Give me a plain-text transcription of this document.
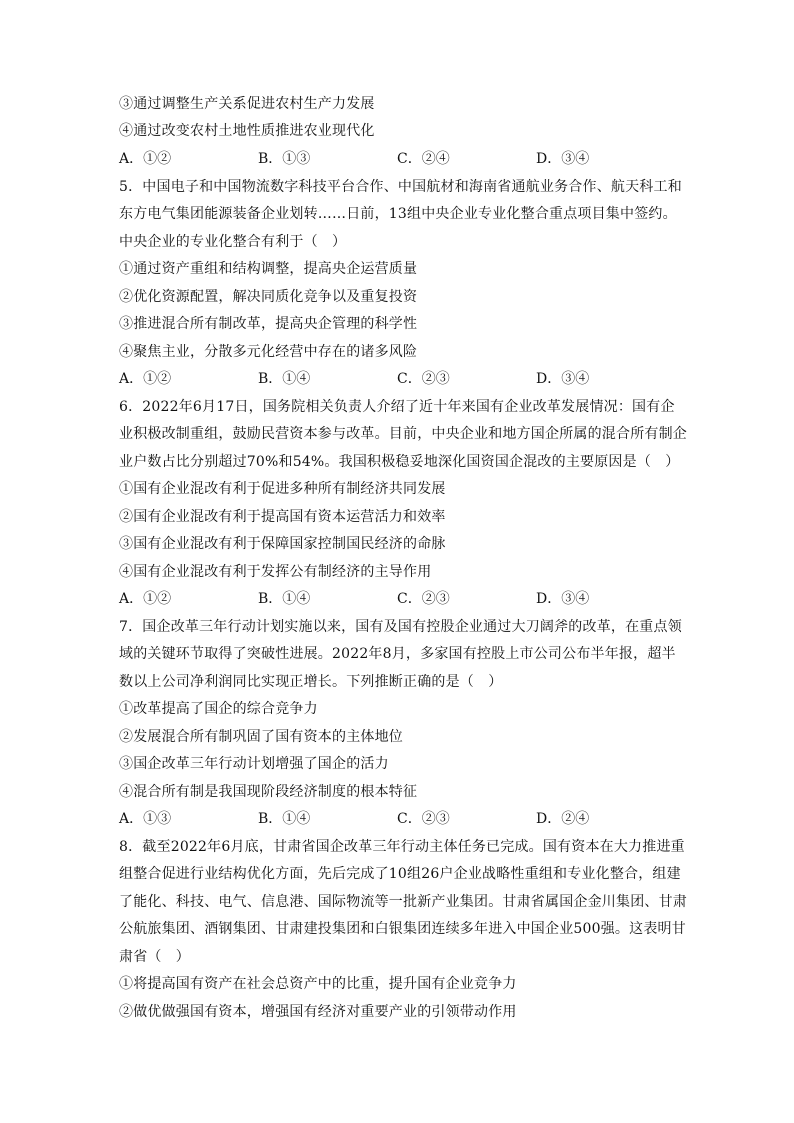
③通过调整生产关系促进农村生产力发展
④通过改变农村土地性质推进农业现代化
A．①②	B．①③	C．②④	D．③④
5．中国电子和中国物流数字科技平台合作、中国航材和海南省通航业务合作、航天科工和
东方电气集团能源装备企业划转……日前，13组中央企业专业化整合重点项目集中签约。
中央企业的专业化整合有利于（　）
①通过资产重组和结构调整，提高央企运营质量
②优化资源配置，解决同质化竞争以及重复投资
③推进混合所有制改革，提高央企管理的科学性
④聚焦主业，分散多元化经营中存在的诸多风险
A．①②	B．①④	C．②③	D．③④
6．2022年6月17日，国务院相关负责人介绍了近十年来国有企业改革发展情况：国有企
业积极改制重组，鼓励民营资本参与改革。目前，中央企业和地方国企所属的混合所有制企
业户数占比分别超过70%和54%。我国积极稳妥地深化国资国企混改的主要原因是（　）
①国有企业混改有利于促进多种所有制经济共同发展
②国有企业混改有利于提高国有资本运营活力和效率
③国有企业混改有利于保障国家控制国民经济的命脉
④国有企业混改有利于发挥公有制经济的主导作用
A．①②	B．①④	C．②③	D．③④
7．国企改革三年行动计划实施以来，国有及国有控股企业通过大刀阔斧的改革，在重点领
域的关键环节取得了突破性进展。2022年8月，多家国有控股上市公司公布半年报，超半
数以上公司净利润同比实现正增长。下列推断正确的是（　）
①改革提高了国企的综合竞争力
②发展混合所有制巩固了国有资本的主体地位
③国企改革三年行动计划增强了国企的活力
④混合所有制是我国现阶段经济制度的根本特征
A．①③	B．①④	C．②③	D．②④
8．截至2022年6月底，甘肃省国企改革三年行动主体任务已完成。国有资本在大力推进重
组整合促进行业结构优化方面，先后完成了10组26户企业战略性重组和专业化整合，组建
了能化、科技、电气、信息港、国际物流等一批新产业集团。甘肃省属国企金川集团、甘肃
公航旅集团、酒钢集团、甘肃建投集团和白银集团连续多年进入中国企业500强。这表明甘
肃省（　）
①将提高国有资产在社会总资产中的比重，提升国有企业竞争力
②做优做强国有资本，增强国有经济对重要产业的引领带动作用
